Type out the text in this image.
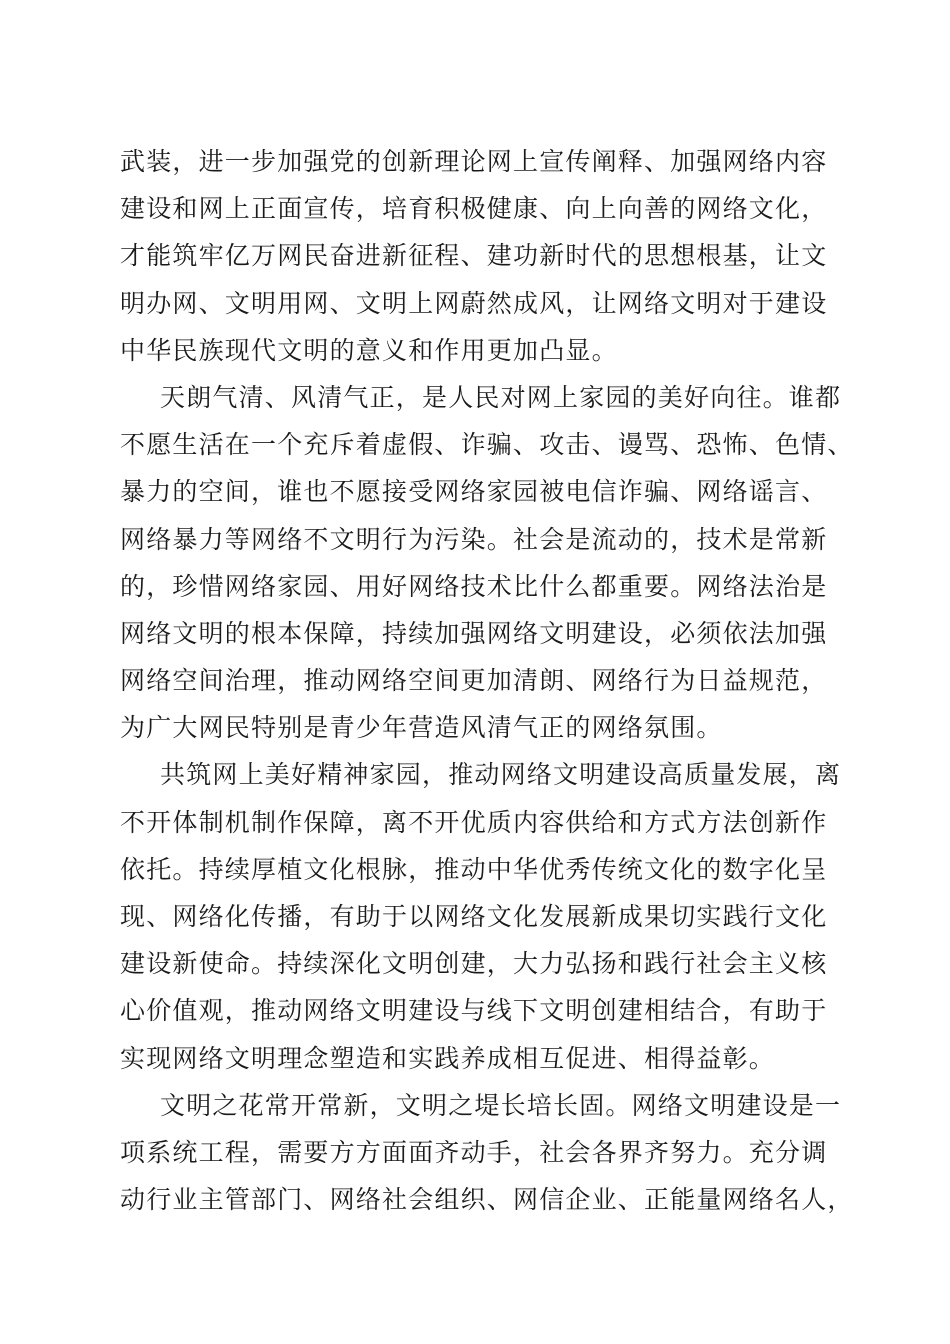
武装，进一步加强党的创新理论网上宣传阐释、加强网络内容
建设和网上正面宣传，培育积极健康、向上向善的网络文化，
才能筑牢亿万网民奋进新征程、建功新时代的思想根基，让文
明办网、文明用网、文明上网蔚然成风，让网络文明对于建设
中华民族现代文明的意义和作用更加凸显。
天朗气清、风清气正，是人民对网上家园的美好向往。谁都
不愿生活在一个充斥着虚假、诈骗、攻击、谩骂、恐怖、色情、
暴力的空间，谁也不愿接受网络家园被电信诈骗、网络谣言、
网络暴力等网络不文明行为污染。社会是流动的，技术是常新
的，珍惜网络家园、用好网络技术比什么都重要。网络法治是
网络文明的根本保障，持续加强网络文明建设，必须依法加强
网络空间治理，推动网络空间更加清朗、网络行为日益规范，
为广大网民特别是青少年营造风清气正的网络氛围。
共筑网上美好精神家园，推动网络文明建设高质量发展，离
不开体制机制作保障，离不开优质内容供给和方式方法创新作
依托。持续厚植文化根脉，推动中华优秀传统文化的数字化呈
现、网络化传播，有助于以网络文化发展新成果切实践行文化
建设新使命。持续深化文明创建，大力弘扬和践行社会主义核
心价值观，推动网络文明建设与线下文明创建相结合，有助于
实现网络文明理念塑造和实践养成相互促进、相得益彰。
文明之花常开常新，文明之堤长培长固。网络文明建设是一
项系统工程，需要方方面面齐动手，社会各界齐努力。充分调
动行业主管部门、网络社会组织、网信企业、正能量网络名人，
